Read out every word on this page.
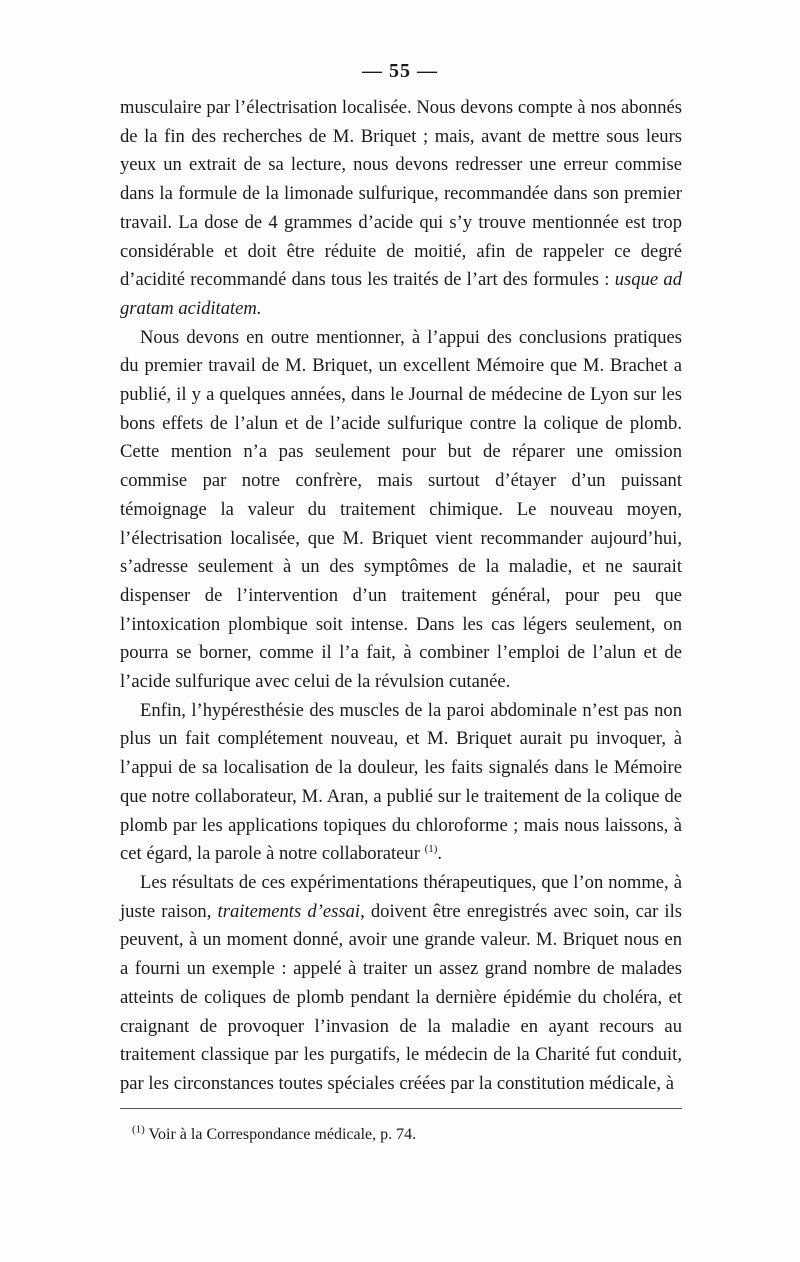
— 55 —

musculaire par l’électrisation localisée. Nous devons compte à nos abonnés de la fin des recherches de M. Briquet ; mais, avant de mettre sous leurs yeux un extrait de sa lecture, nous devons redresser une erreur commise dans la formule de la limonade sulfurique, recommandée dans son premier travail. La dose de 4 grammes d’acide qui s’y trouve mentionnée est trop considérable et doit être réduite de moitié, afin de rappeler ce degré d’acidité recommandé dans tous les traités de l’art des formules : usque ad gratam aciditatem.

Nous devons en outre mentionner, à l’appui des conclusions pratiques du premier travail de M. Briquet, un excellent Mémoire que M. Brachet a publié, il y a quelques années, dans le Journal de médecine de Lyon sur les bons effets de l’alun et de l’acide sulfurique contre la colique de plomb. Cette mention n’a pas seulement pour but de réparer une omission commise par notre confrère, mais surtout d’étayer d’un puissant témoignage la valeur du traitement chimique. Le nouveau moyen, l’électrisation localisée, que M. Briquet vient recommander aujourd’hui, s’adresse seulement à un des symptômes de la maladie, et ne saurait dispenser de l’intervention d’un traitement général, pour peu que l’intoxication plombique soit intense. Dans les cas légers seulement, on pourra se borner, comme il l’a fait, à combiner l’emploi de l’alun et de l’acide sulfurique avec celui de la révulsion cutanée.

Enfin, l’hypéresthésie des muscles de la paroi abdominale n’est pas non plus un fait complétement nouveau, et M. Briquet aurait pu invoquer, à l’appui de sa localisation de la douleur, les faits signalés dans le Mémoire que notre collaborateur, M. Aran, a publié sur le traitement de la colique de plomb par les applications topiques du chloroforme ; mais nous laissons, à cet égard, la parole à notre collaborateur $^{(1)}$.

Les résultats de ces expérimentations thérapeutiques, que l’on nomme, à juste raison, traitements d’essai, doivent être enregistrés avec soin, car ils peuvent, à un moment donné, avoir une grande valeur. M. Briquet nous en a fourni un exemple : appelé à traiter un assez grand nombre de malades atteints de coliques de plomb pendant la dernière épidémie du choléra, et craignant de provoquer l’invasion de la maladie en ayant recours au traitement classique par les purgatifs, le médecin de la Charité fut conduit, par les circonstances toutes spéciales créées par la constitution médicale, à

$^{(1)}$ Voir à la Correspondance médicale, p. 74.
